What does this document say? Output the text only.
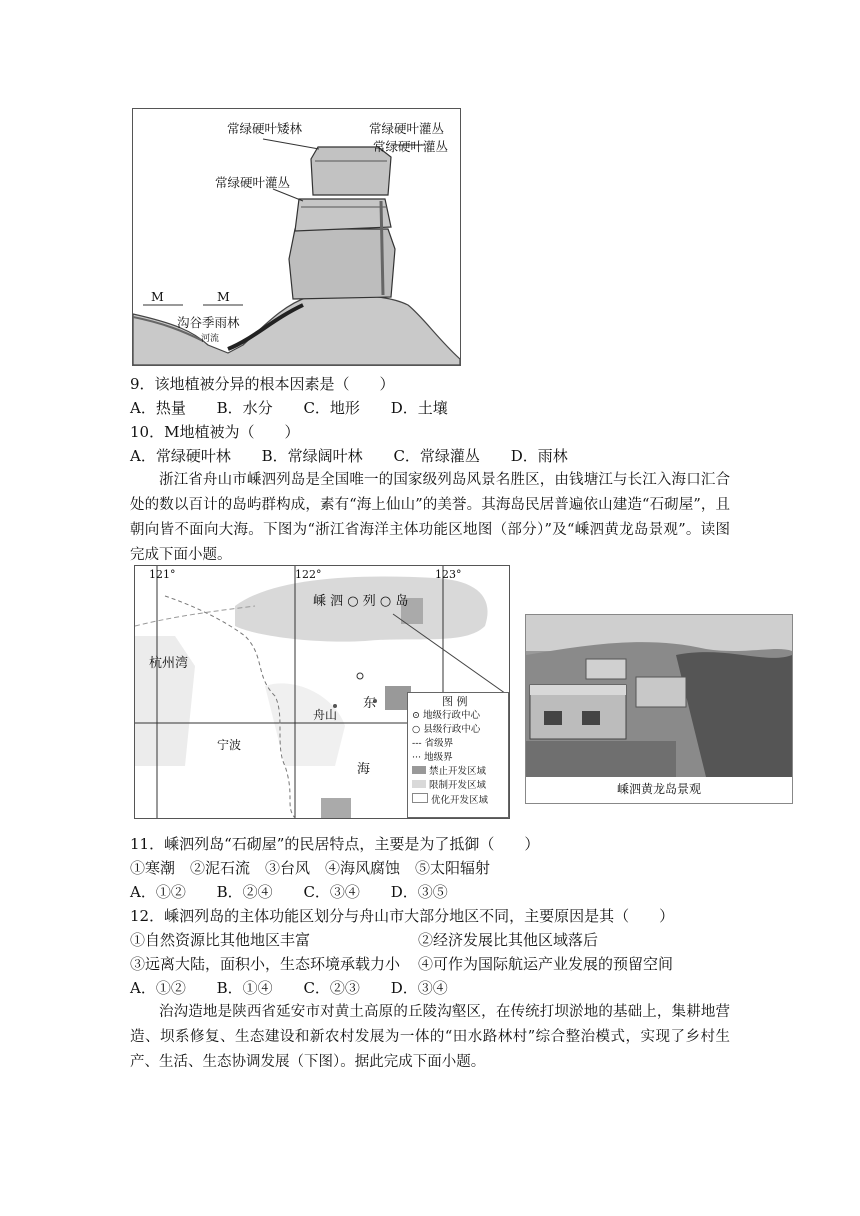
常绿硬叶矮林	常绿硬叶灌丛
常绿硬叶灌丛
常绿硬叶灌丛
M	M
沟谷季雨林
河流
9．该地植被分异的根本因素是（　　）
A．热量 B．水分 C．地形 D．土壤
10．M地植被为（　　）
A．常绿硬叶林 B．常绿阔叶林 C．常绿灌丛 D．雨林
浙江省舟山市嵊泗列岛是全国唯一的国家级列岛风景名胜区，由钱塘江与长江入海口汇合处的数以百计的岛屿群构成，素有“海上仙山”的美誉。其海岛民居普遍依山建造“石砌屋”，且朝向皆不面向大海。下图为“浙江省海洋主体功能区地图（部分）”及“嵊泗黄龙岛景观”。读图完成下面小题。
121°	122°	123°
嵊 泗 ○ 列 ○ 岛
杭州湾
东
舟山
宁波
海
图 例
⊙ 地级行政中心
○ 县级行政中心
--- 省级界
··· 地级界
禁止开发区域
限制开发区域
优化开发区域
嵊泗黄龙岛景观
11．嵊泗列岛“石砌屋”的民居特点，主要是为了抵御（　　）
①寒潮　②泥石流　③台风　④海风腐蚀　⑤太阳辐射
A．①② B．②④ C．③④ D．③⑤
12．嵊泗列岛的主体功能区划分与舟山市大部分地区不同，主要原因是其（　　）
①自然资源比其他地区丰富	②经济发展比其他区域落后
③远离大陆，面积小，生态环境承载力小 ④可作为国际航运产业发展的预留空间
A．①② B．①④ C．②③ D．③④
治沟造地是陕西省延安市对黄土高原的丘陵沟壑区，在传统打坝淤地的基础上，集耕地营造、坝系修复、生态建设和新农村发展为一体的“田水路林村”综合整治模式，实现了乡村生产、生活、生态协调发展（下图）。据此完成下面小题。
